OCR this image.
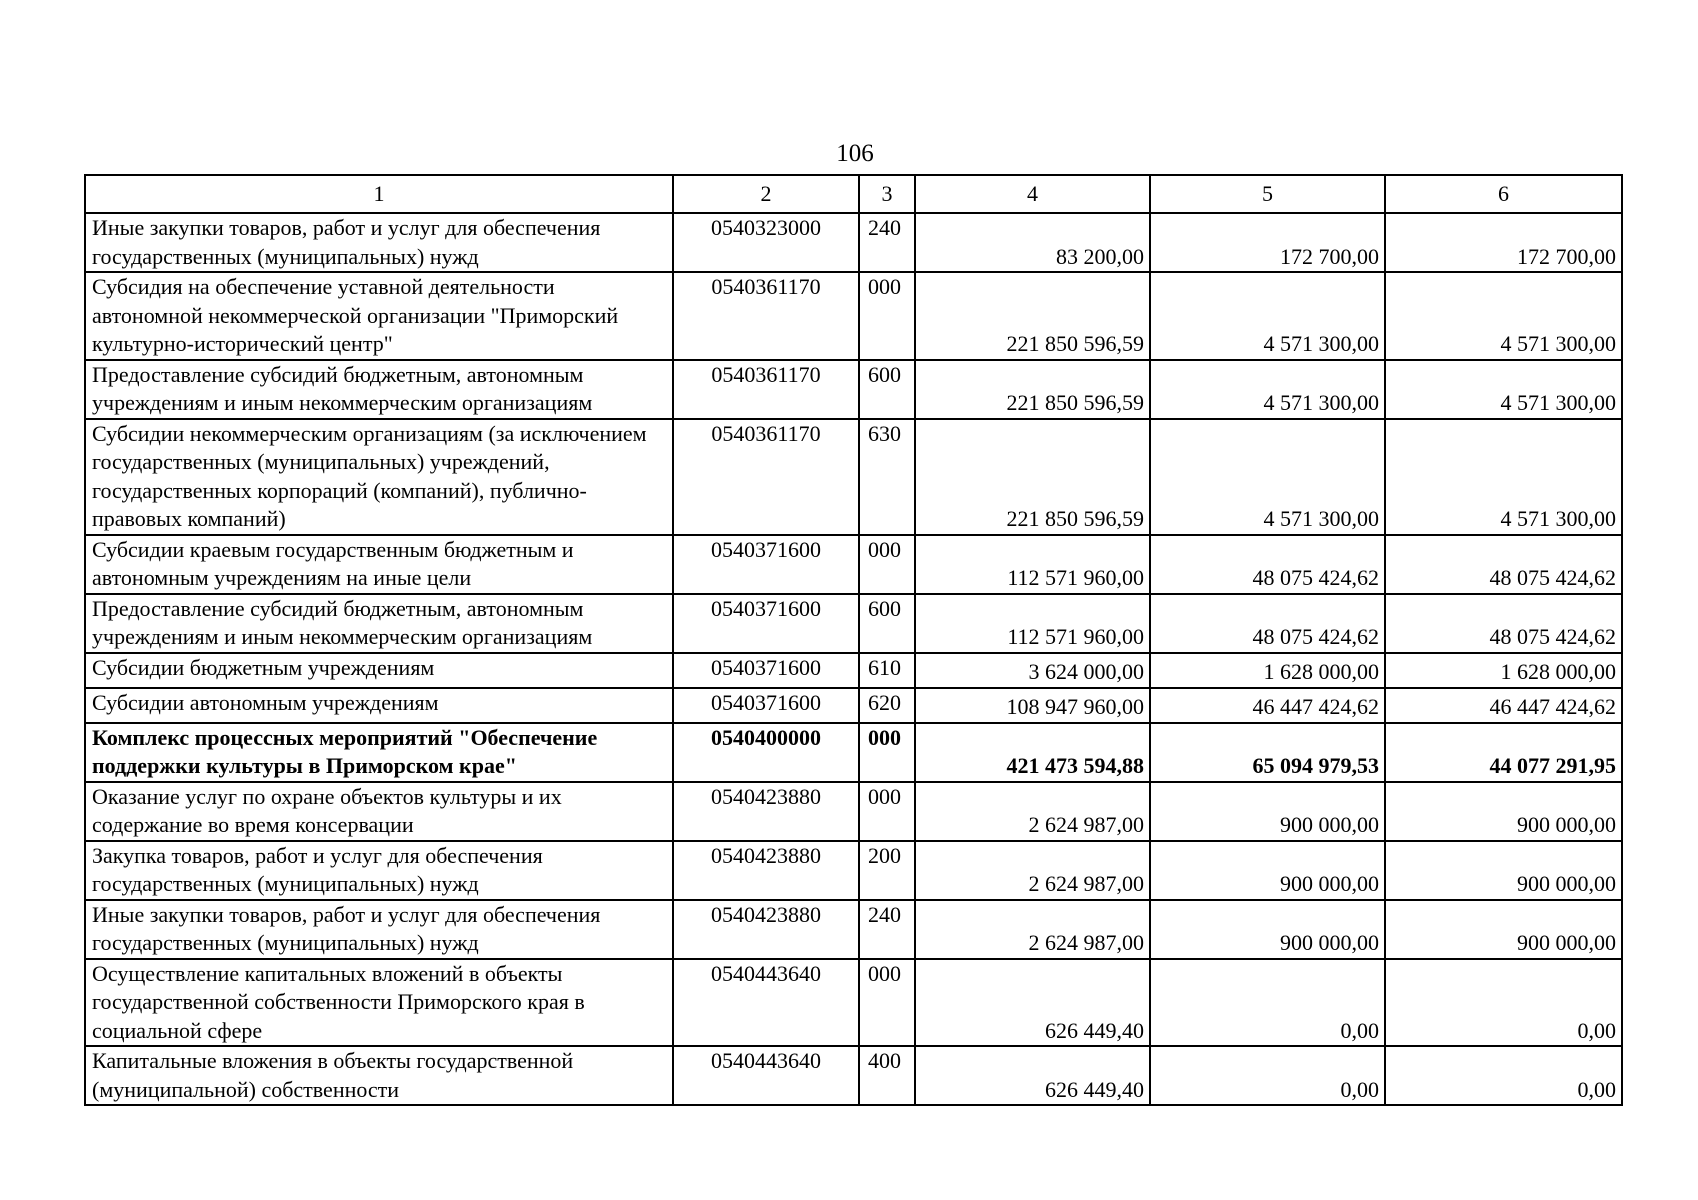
106
1	2	3	4	5	6
Иные закупки товаров, работ и услуг для обеспечения государственных (муниципальных) нужд	0540323000	240	83 200,00	172 700,00	172 700,00
Субсидия на обеспечение уставной деятельности автономной некоммерческой организации "Приморский культурно-исторический центр"	0540361170	000	221 850 596,59	4 571 300,00	4 571 300,00
Предоставление субсидий бюджетным, автономным учреждениям и иным некоммерческим организациям	0540361170	600	221 850 596,59	4 571 300,00	4 571 300,00
Субсидии некоммерческим организациям (за исключением государственных (муниципальных) учреждений, государственных корпораций (компаний), публично-правовых компаний)	0540361170	630	221 850 596,59	4 571 300,00	4 571 300,00
Субсидии краевым государственным бюджетным и автономным учреждениям на иные цели	0540371600	000	112 571 960,00	48 075 424,62	48 075 424,62
Предоставление субсидий бюджетным, автономным учреждениям и иным некоммерческим организациям	0540371600	600	112 571 960,00	48 075 424,62	48 075 424,62
Субсидии бюджетным учреждениям	0540371600	610	3 624 000,00	1 628 000,00	1 628 000,00
Субсидии автономным учреждениям	0540371600	620	108 947 960,00	46 447 424,62	46 447 424,62
Комплекс процессных мероприятий "Обеспечение поддержки культуры в Приморском крае"	0540400000	000	421 473 594,88	65 094 979,53	44 077 291,95
Оказание услуг по охране объектов культуры и их содержание во время консервации	0540423880	000	2 624 987,00	900 000,00	900 000,00
Закупка товаров, работ и услуг для обеспечения государственных (муниципальных) нужд	0540423880	200	2 624 987,00	900 000,00	900 000,00
Иные закупки товаров, работ и услуг для обеспечения государственных (муниципальных) нужд	0540423880	240	2 624 987,00	900 000,00	900 000,00
Осуществление капитальных вложений в объекты государственной собственности Приморского края в социальной сфере	0540443640	000	626 449,40	0,00	0,00
Капитальные вложения в объекты государственной (муниципальной) собственности	0540443640	400	626 449,40	0,00	0,00
